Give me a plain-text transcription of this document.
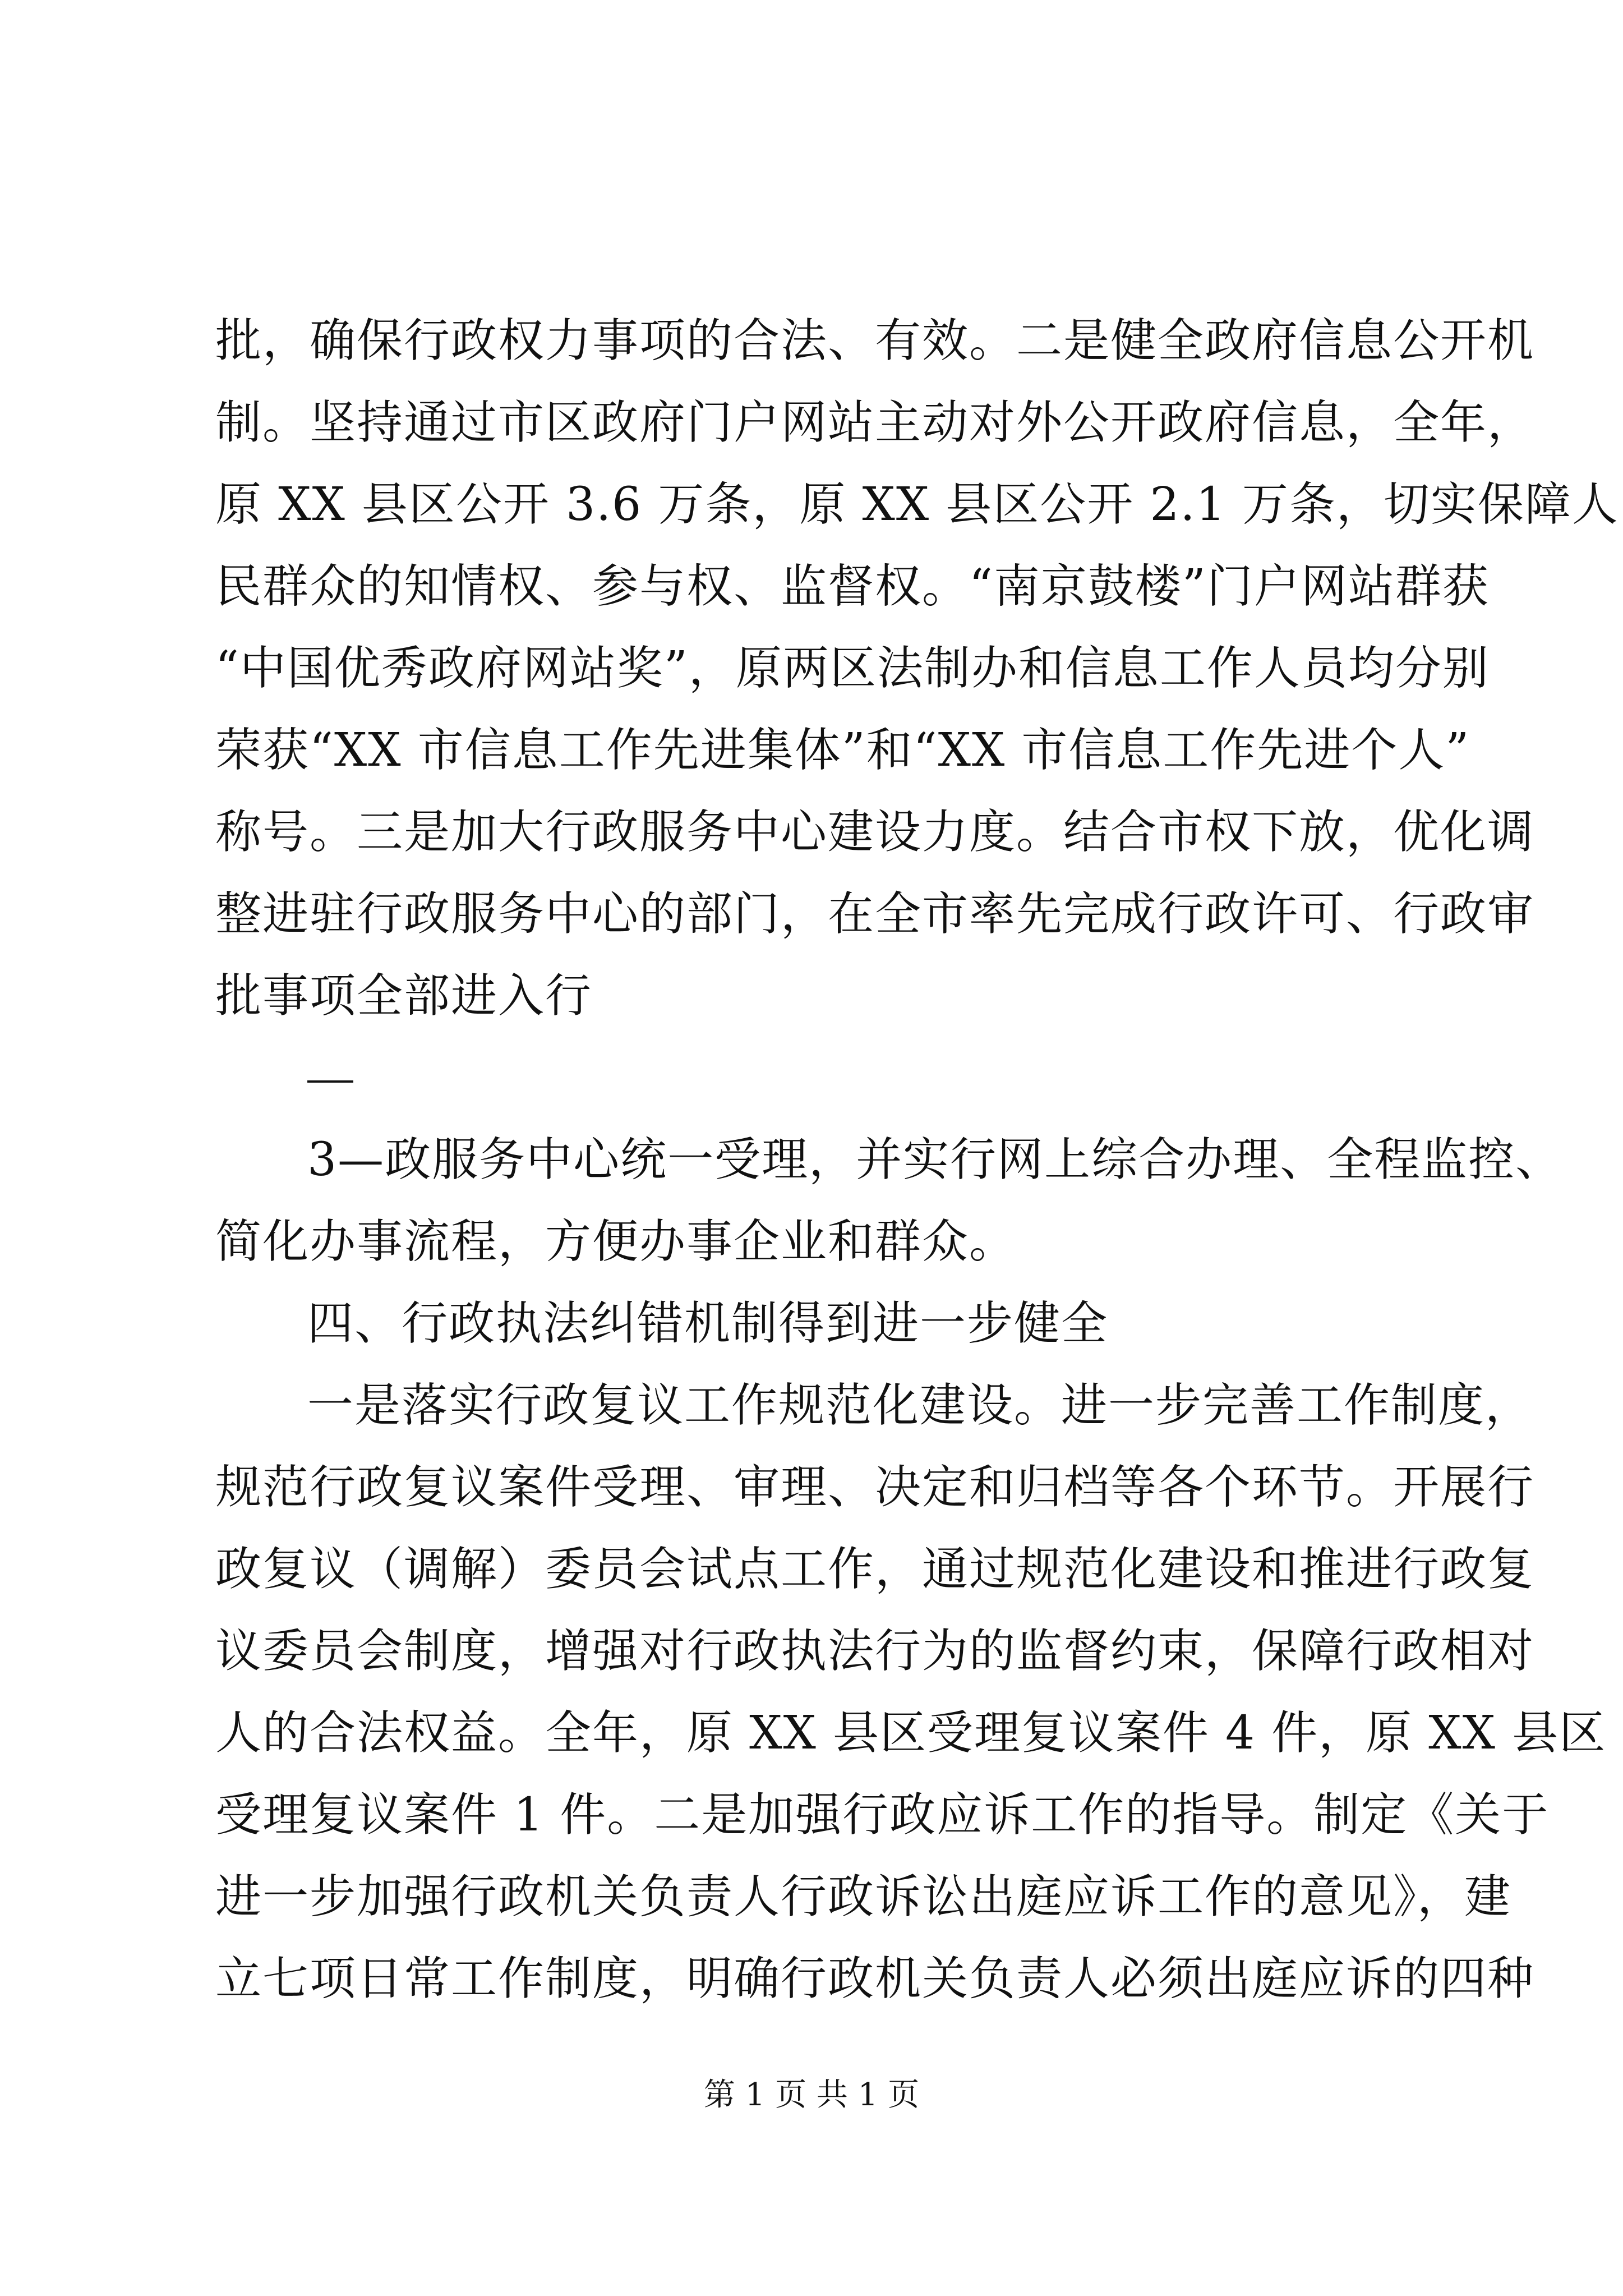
批，确保行政权力事项的合法、有效。二是健全政府信息公开机
制。坚持通过市区政府门户网站主动对外公开政府信息，全年，
原 XX 县区公开 3.6 万条，原 XX 县区公开 2.1 万条，切实保障人
民群众的知情权、参与权、监督权。“南京鼓楼”门户网站群获
“中国优秀政府网站奖”，原两区法制办和信息工作人员均分别
荣获“XX 市信息工作先进集体”和“XX 市信息工作先进个人”
称号。三是加大行政服务中心建设力度。结合市权下放，优化调
整进驻行政服务中心的部门，在全市率先完成行政许可、行政审
批事项全部进入行
3—政服务中心统一受理，并实行网上综合办理、全程监控、
简化办事流程，方便办事企业和群众。
四、行政执法纠错机制得到进一步健全
一是落实行政复议工作规范化建设。进一步完善工作制度，
规范行政复议案件受理、审理、决定和归档等各个环节。开展行
政复议（调解）委员会试点工作，通过规范化建设和推进行政复
议委员会制度，增强对行政执法行为的监督约束，保障行政相对
人的合法权益。全年，原 XX 县区受理复议案件 4 件，原 XX 县区
受理复议案件 1 件。二是加强行政应诉工作的指导。制定《关于
进一步加强行政机关负责人行政诉讼出庭应诉工作的意见》，建
立七项日常工作制度，明确行政机关负责人必须出庭应诉的四种
第 1 页 共 1 页
